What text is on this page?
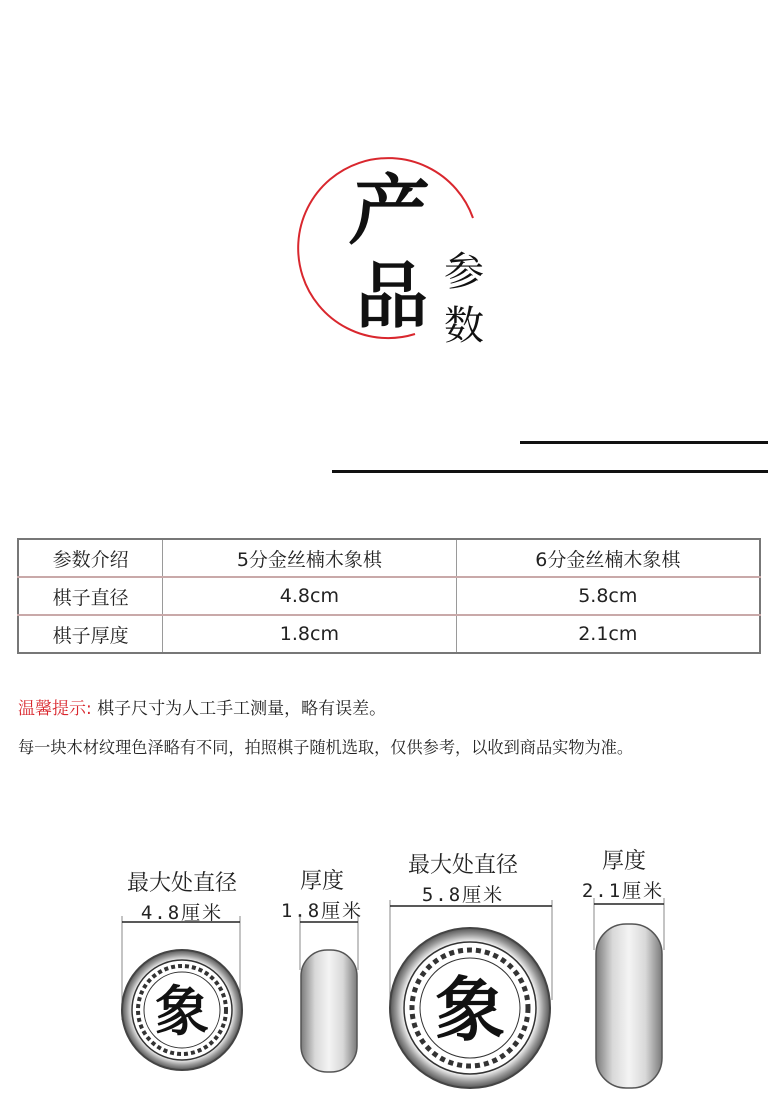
产
品 参
数
参数介绍	5分金丝楠木象棋	6分金丝楠木象棋
棋子直径	4.8cm	5.8cm
棋子厚度	1.8cm	2.1cm
温馨提示: 棋子尺寸为人工手工测量，略有误差。
每一块木材纹理色泽略有不同，拍照棋子随机选取，仅供参考，以收到商品实物为准。
最大处直径
4.8厘米
厚度
1.8厘米
最大处直径
5.8厘米
厚度
2.1厘米
象	象
